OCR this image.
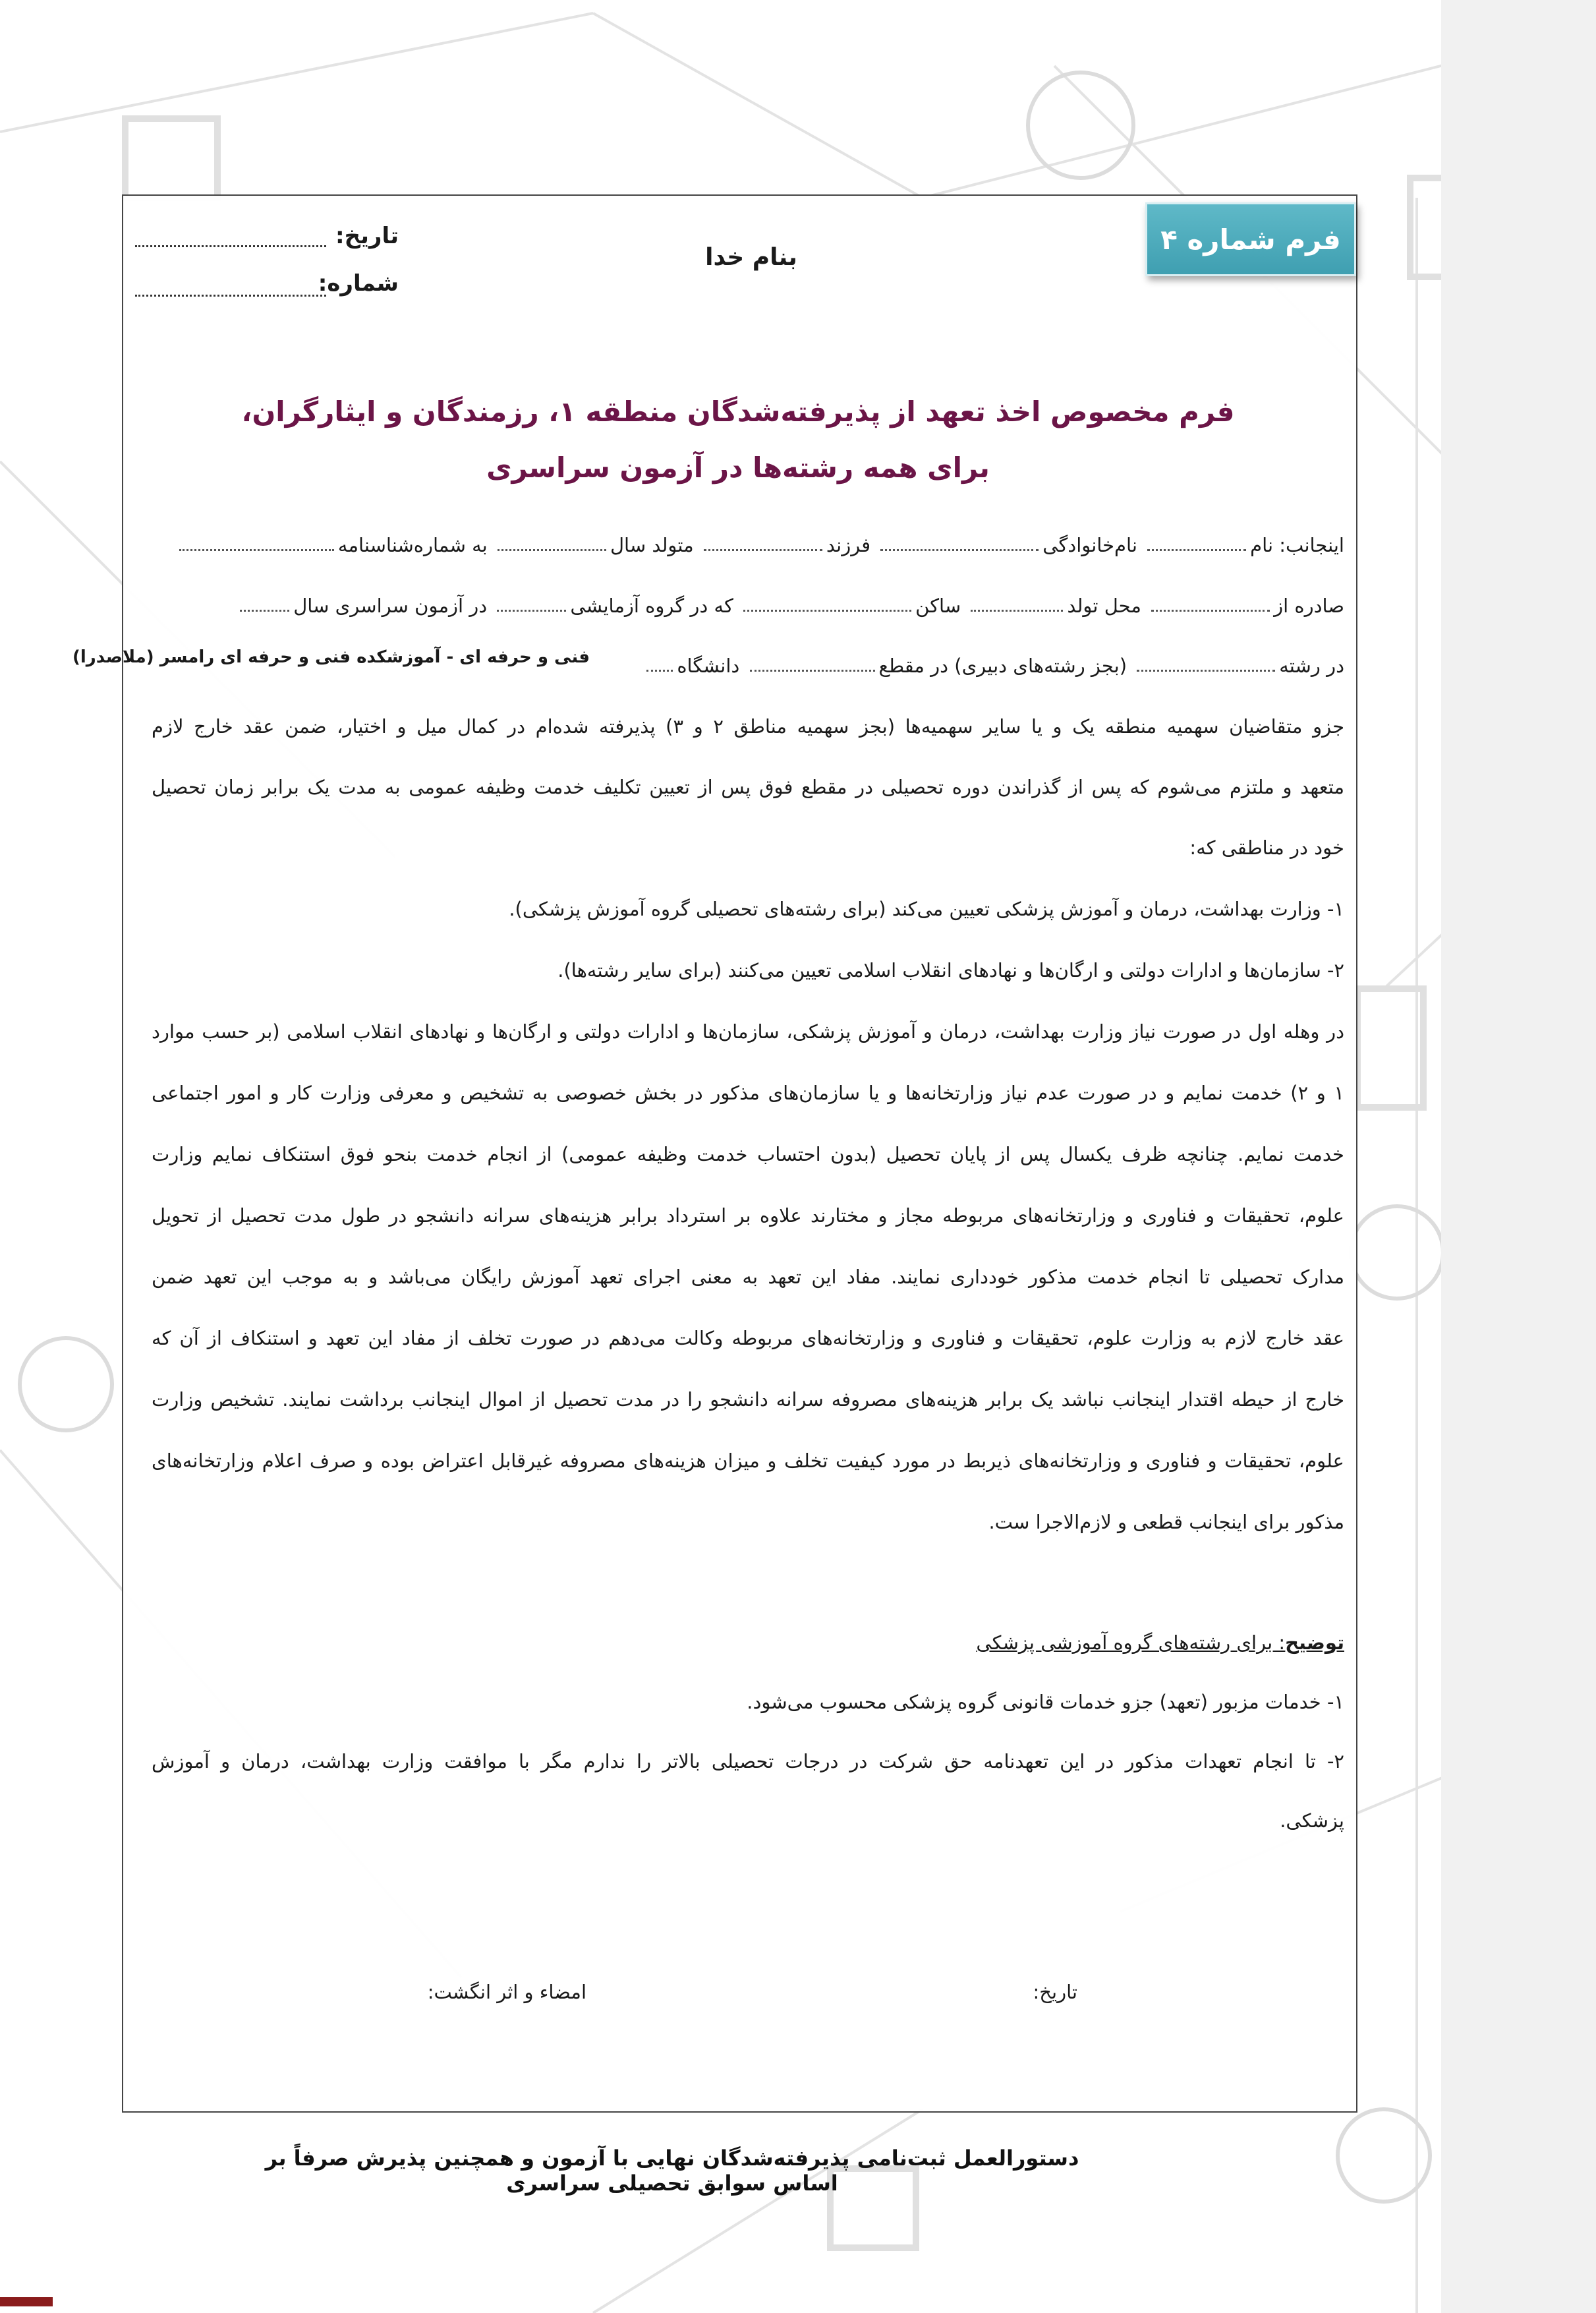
فرم شماره ۴
تاریخ:
شماره:
بنام خدا
فرم مخصوص اخذ تعهد از پذیرفته‌شدگان منطقه ۱، رزمندگان و ایثارگران،
برای همه رشته‌ها در آزمون سراسری
اینجانب: نام نام‌خانوادگی فرزند متولد سال به شماره‌شناسنامه
صادره از محل تولد ساکن که در گروه آزمایشی در آزمون سراسری سال
در رشته (بجز رشته‌های دبیری) در مقطع دانشگاه
فنی و حرفه ای - آموزشکده فنی و حرفه ای رامسر (ملاصدرا)
جزو متقاضیان سهمیه منطقه یک و یا سایر سهمیه‌ها (بجز سهمیه مناطق ۲ و ۳) پذیرفته شده‌ام در کمال میل و اختیار، ضمن عقد خارج لازم
متعهد و ملتزم می‌شوم که پس از گذراندن دوره تحصیلی در مقطع فوق پس از تعیین تکلیف خدمت وظیفه عمومی به مدت یک برابر زمان تحصیل
خود در مناطقی که:
۱- وزارت بهداشت، درمان و آموزش پزشکی تعیین می‌کند (برای رشته‌های تحصیلی گروه آموزش پزشکی).
۲- سازمان‌ها و ادارات دولتی و ارگان‌ها و نهادهای انقلاب اسلامی تعیین می‌کنند (برای سایر رشته‌ها).
در وهله اول در صورت نیاز وزارت بهداشت، درمان و آموزش پزشکی، سازمان‌ها و ادارات دولتی و ارگان‌ها و نهادهای انقلاب اسلامی (بر حسب موارد
۱ و ۲) خدمت نمایم و در صورت عدم نیاز وزارتخانه‌ها و یا سازمان‌های مذکور در بخش خصوصی به تشخیص و معرفی وزارت کار و امور اجتماعی
خدمت نمایم. چنانچه ظرف یکسال پس از پایان تحصیل (بدون احتساب خدمت وظیفه عمومی) از انجام خدمت بنحو فوق استنکاف نمایم وزارت
علوم، تحقیقات و فناوری و وزارتخانه‌های مربوطه مجاز و مختارند علاوه بر استرداد برابر هزینه‌های سرانه دانشجو در طول مدت تحصیل از تحویل
مدارک تحصیلی تا انجام خدمت مذکور خودداری نمایند. مفاد این تعهد به معنی اجرای تعهد آموزش رایگان می‌باشد و به موجب این تعهد ضمن
عقد خارج لازم به وزارت علوم، تحقیقات و فناوری و وزارتخانه‌های مربوطه وکالت می‌دهم در صورت تخلف از مفاد این تعهد و استنکاف از آن که
خارج از حیطه اقتدار اینجانب نباشد یک برابر هزینه‌های مصروفه سرانه دانشجو را در مدت تحصیل از اموال اینجانب برداشت نمایند. تشخیص وزارت
علوم، تحقیقات و فناوری و وزارتخانه‌های ذیربط در مورد کیفیت تخلف و میزان هزینه‌های مصروفه غیرقابل اعتراض بوده و صرف اعلام وزارتخانه‌های
مذکور برای اینجانب قطعی و لازم‌الاجرا ست.
توضیح: برای رشته‌های گروه آموزشی پزشکی
۱- خدمات مزبور (تعهد) جزو خدمات قانونی گروه پزشکی محسوب می‌شود.
۲- تا انجام تعهدات مذکور در این تعهدنامه حق شرکت در درجات تحصیلی بالاتر را ندارم مگر با موافقت وزارت بهداشت، درمان و آموزش
پزشکی.
تاریخ:
امضاء و اثر انگشت:
دستورالعمل ثبت‌نامی پذیرفته‌شدگان نهایی با آزمون و همچنین پذیرش صرفاً بر اساس سوابق تحصیلی سراسری
